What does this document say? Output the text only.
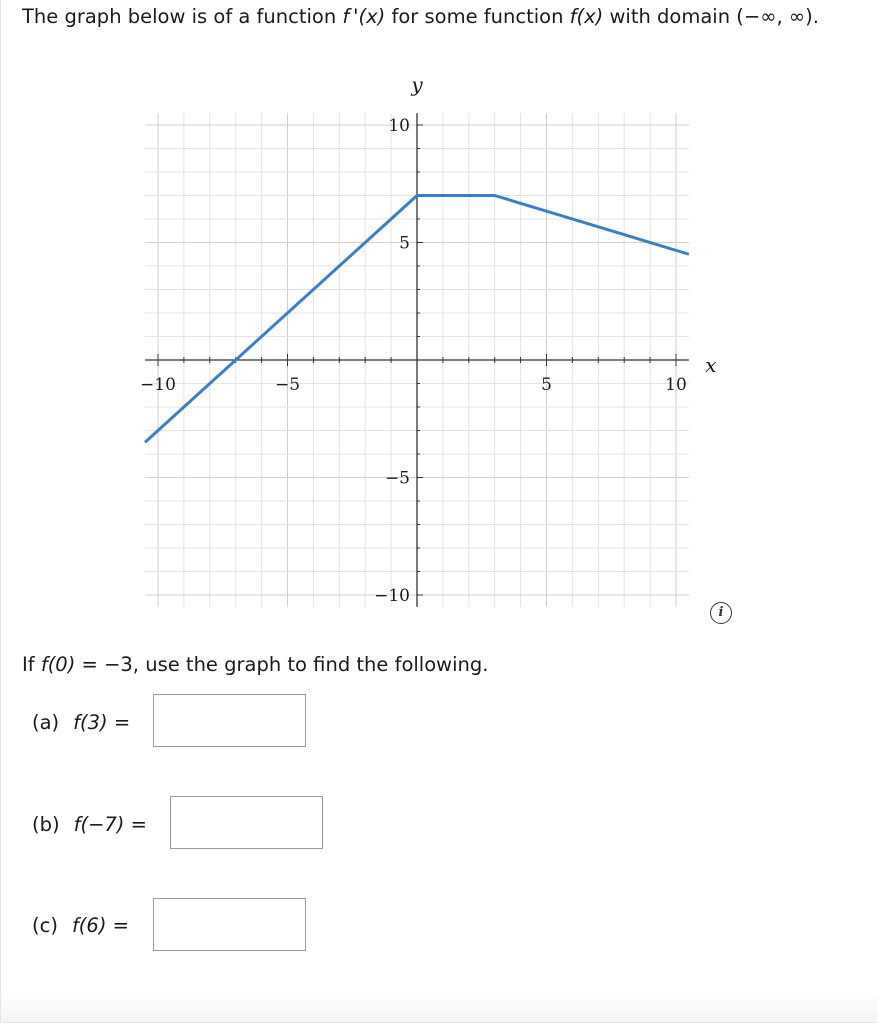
The graph below is of a function f '(x) for some function f(x) with domain (−∞, ∞).
−10	−5	5	10
10
5
−5
−10
x
y
i
If f(0) = −3, use the graph to find the following.
(a) f(3) =
(b) f(−7) =
(c) f(6) =
